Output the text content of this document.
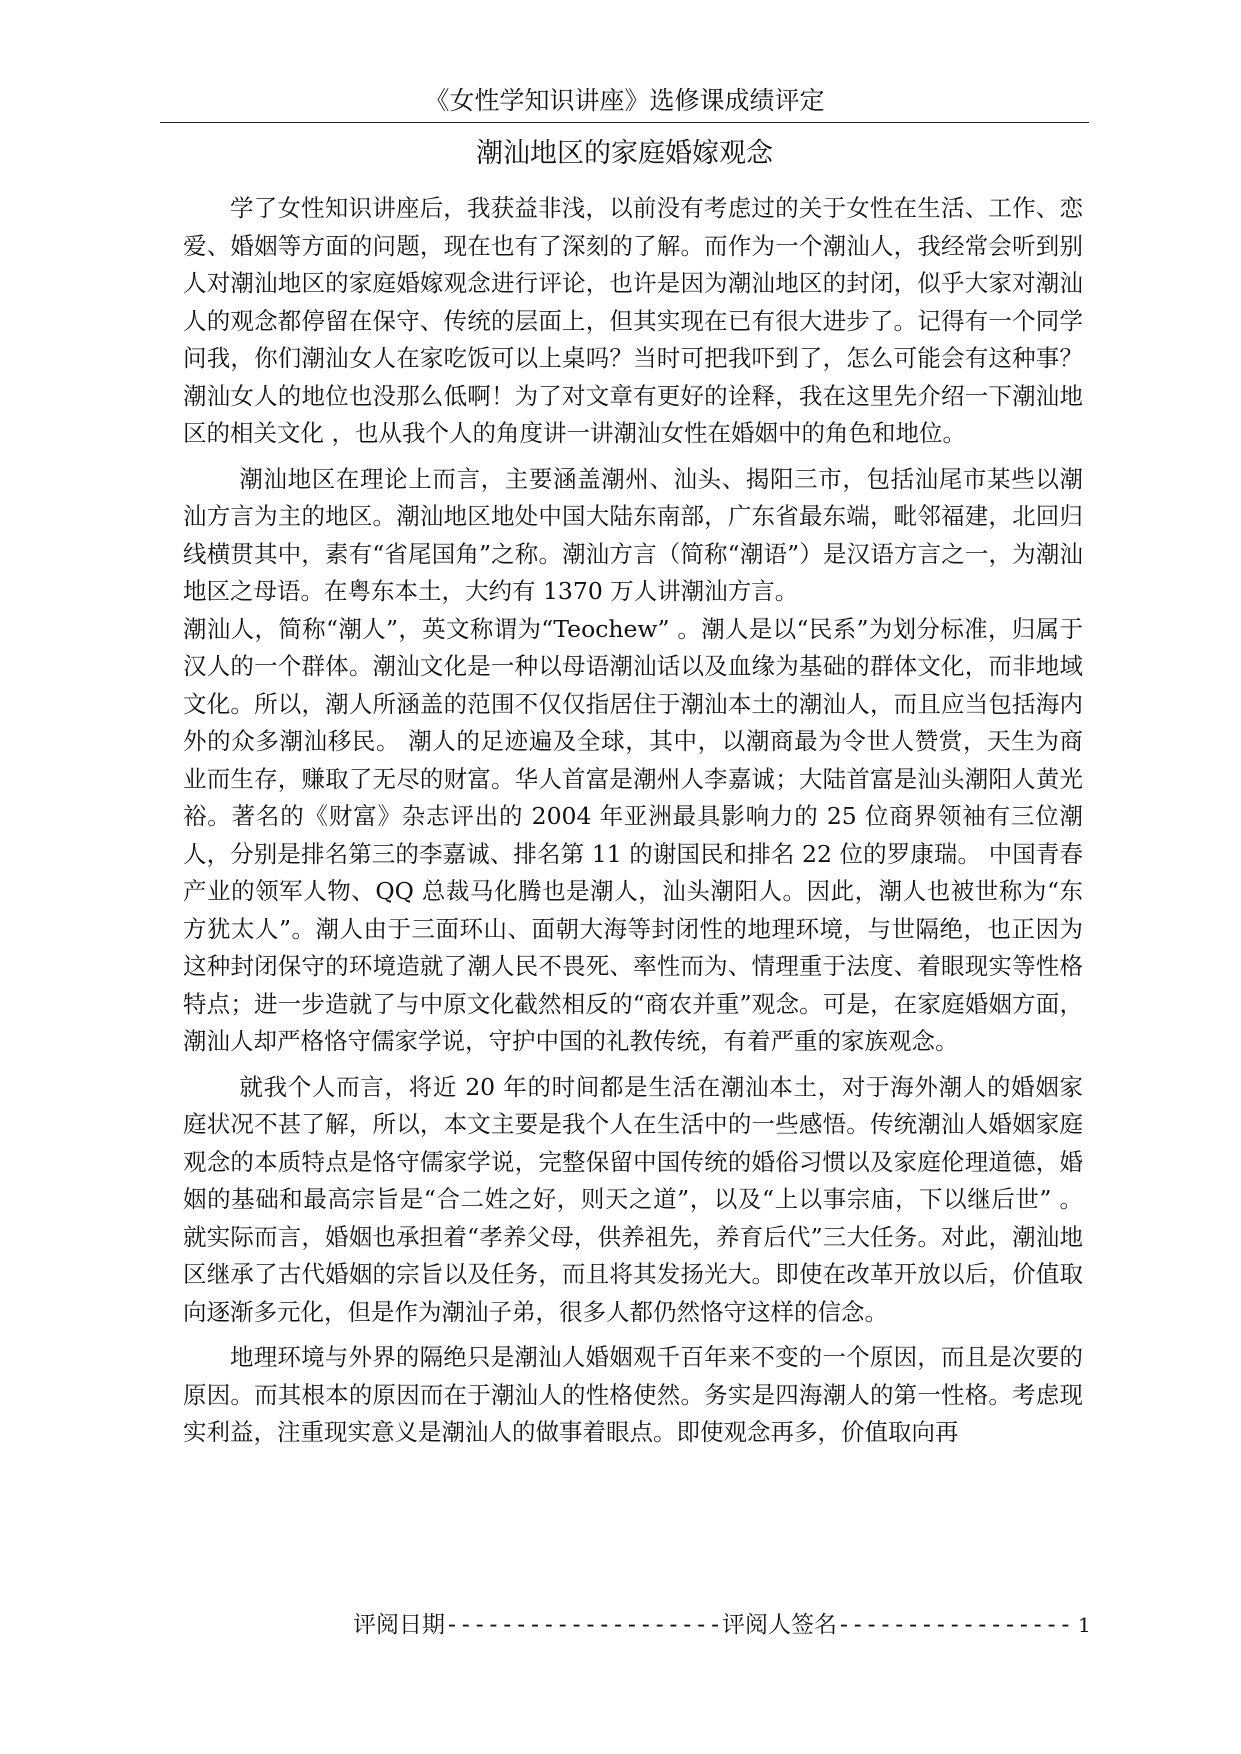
《女性学知识讲座》选修课成绩评定
潮汕地区的家庭婚嫁观念

学了女性知识讲座后，我获益非浅，以前没有考虑过的关于女性在生活、工作、恋爱、婚姻等方面的问题，现在也有了深刻的了解。而作为一个潮汕人，我经常会听到别人对潮汕地区的家庭婚嫁观念进行评论，也许是因为潮汕地区的封闭，似乎大家对潮汕人的观念都停留在保守、传统的层面上，但其实现在已有很大进步了。记得有一个同学问我，你们潮汕女人在家吃饭可以上桌吗？当时可把我吓到了，怎么可能会有这种事？潮汕女人的地位也没那么低啊！为了对文章有更好的诠释，我在这里先介绍一下潮汕地区的相关文化 ，也从我个人的角度讲一讲潮汕女性在婚姻中的角色和地位。

潮汕地区在理论上而言，主要涵盖潮州、汕头、揭阳三市，包括汕尾市某些以潮汕方言为主的地区。潮汕地区地处中国大陆东南部，广东省最东端，毗邻福建，北回归线横贯其中，素有“省尾国角”之称。潮汕方言（简称“潮语”）是汉语方言之一，为潮汕地区之母语。在粤东本土，大约有 1370 万人讲潮汕方言。

潮汕人，简称“潮人”，英文称谓为“Teochew” 。潮人是以“民系”为划分标准，归属于汉人的一个群体。潮汕文化是一种以母语潮汕话以及血缘为基础的群体文化，而非地域文化。所以，潮人所涵盖的范围不仅仅指居住于潮汕本土的潮汕人，而且应当包括海内外的众多潮汕移民。 潮人的足迹遍及全球，其中，以潮商最为令世人赞赏，天生为商业而生存，赚取了无尽的财富。华人首富是潮州人李嘉诚；大陆首富是汕头潮阳人黄光裕。著名的《财富》杂志评出的 2004 年亚洲最具影响力的 25 位商界领袖有三位潮人，分别是排名第三的李嘉诚、排名第 11 的谢国民和排名 22 位的罗康瑞。 中国青春产业的领军人物、QQ 总裁马化腾也是潮人，汕头潮阳人。因此，潮人也被世称为“东方犹太人”。潮人由于三面环山、面朝大海等封闭性的地理环境，与世隔绝，也正因为这种封闭保守的环境造就了潮人民不畏死、率性而为、情理重于法度、着眼现实等性格特点；进一步造就了与中原文化截然相反的“商农并重”观念。可是，在家庭婚姻方面，潮汕人却严格恪守儒家学说，守护中国的礼教传统，有着严重的家族观念。

就我个人而言，将近 20 年的时间都是生活在潮汕本土，对于海外潮人的婚姻家庭状况不甚了解，所以，本文主要是我个人在生活中的一些感悟。传统潮汕人婚姻家庭观念的本质特点是恪守儒家学说，完整保留中国传统的婚俗习惯以及家庭伦理道德，婚姻的基础和最高宗旨是“合二姓之好，则天之道”，以及“上以事宗庙，下以继后世” 。就实际而言，婚姻也承担着“孝养父母，供养祖先，养育后代”三大任务。对此，潮汕地区继承了古代婚姻的宗旨以及任务，而且将其发扬光大。即使在改革开放以后，价值取向逐渐多元化，但是作为潮汕子弟，很多人都仍然恪守这样的信念。

地理环境与外界的隔绝只是潮汕人婚姻观千百年来不变的一个原因，而且是次要的原因。而其根本的原因而在于潮汕人的性格使然。务实是四海潮人的第一性格。考虑现实利益，注重现实意义是潮汕人的做事着眼点。即使观念再多，价值取向再

评阅日期--------------------评阅人签名----------------- 1
